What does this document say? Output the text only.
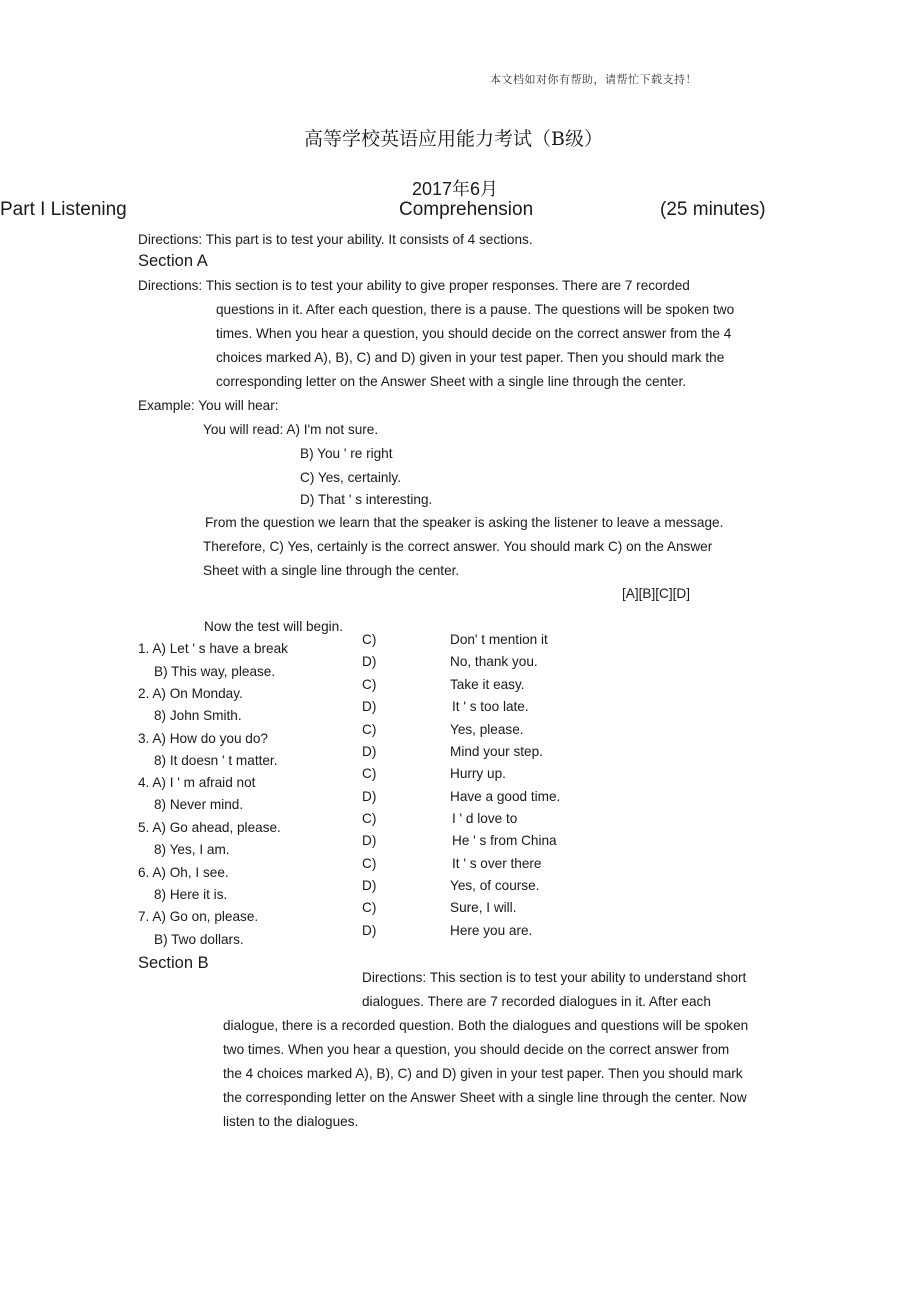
本文档如对你有帮助，请帮忙下载支持！
高等学校英语应用能力考试（B级）
2017年6月
Part I Listening	Comprehension	(25 minutes)
Directions: This part is to test your ability. It consists of 4 sections.
Section A
Directions: This section is to test your ability to give proper responses. There are 7 recorded
questions in it. After each question, there is a pause. The questions will be spoken two
times. When you hear a question, you should decide on the correct answer from the 4
choices marked A), B), C) and D) given in your test paper. Then you should mark the
corresponding letter on the Answer Sheet with a single line through the center.
Example: You will hear:
You will read: A) I'm not sure.
B) You ' re right
C) Yes, certainly.
D) That ' s interesting.
From the question we learn that the speaker is asking the listener to leave a message.
Therefore, C) Yes, certainly is the correct answer. You should mark C) on the Answer
Sheet with a single line through the center.
[A][B][C][D]
Now the test will begin.
1. A) Let ' s have a break
B) This way, please.
2. A) On Monday.
8) John Smith.
3. A) How do you do?
8) It doesn ' t matter.
4. A) I ' m afraid not
8) Never mind.
5. A) Go ahead, please.
8) Yes, I am.
6. A) Oh, I see.
8) Here it is.
7. A) Go on, please.
B) Two dollars.
C)	Don' t mention it
D)	No, thank you.
C)	Take it easy.
D)	It ' s too late.
C)	Yes, please.
D)	Mind your step.
C)	Hurry up.
D)	Have a good time.
C)	I ' d love to
D)	He ' s from China
C)	It ' s over there
D)	Yes, of course.
C)	Sure, I will.
D)	Here you are.
Section B
Directions: This section is to test your ability to understand short
dialogues. There are 7 recorded dialogues in it. After each
dialogue, there is a recorded question. Both the dialogues and questions will be spoken
two times. When you hear a question, you should decide on the correct answer from
the 4 choices marked A), B), C) and D) given in your test paper. Then you should mark
the corresponding letter on the Answer Sheet with a single line through the center. Now
listen to the dialogues.
